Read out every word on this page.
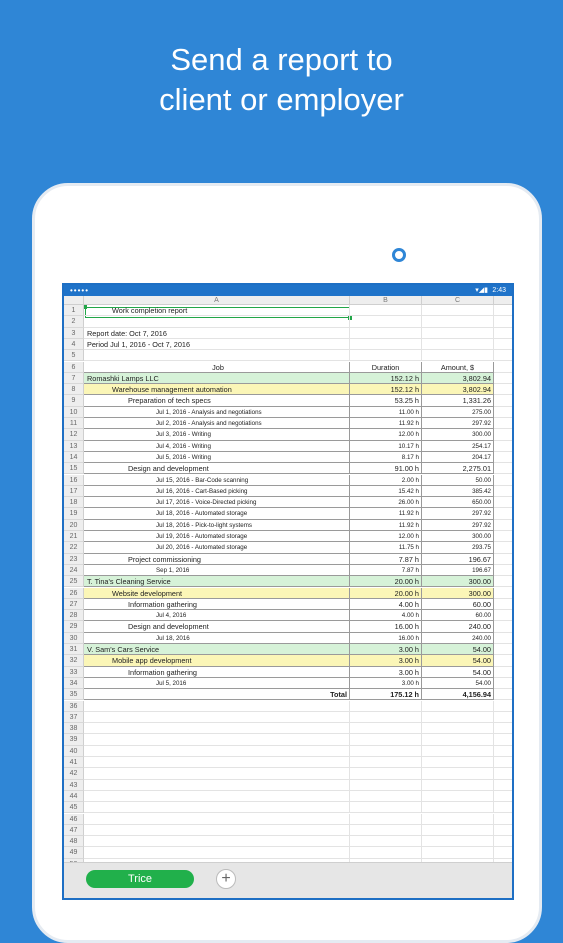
Send a report to
client or employer
•••••	▾◢▮ 2:43
A	B	C
1	Work completion report
2
3	Report date: Oct 7, 2016
4	Period Jul 1, 2016 - Oct 7, 2016
5
6	Job	Duration	Amount, $
7	Romashki Lamps LLC	152.12 h	3,802.94
8	Warehouse management automation	152.12 h	3,802.94
9	Preparation of tech specs	53.25 h	1,331.26
10	Jul 1, 2016 - Analysis and negotiations	11.00 h	275.00
11	Jul 2, 2016 - Analysis and negotiations	11.92 h	297.92
12	Jul 3, 2016 - Writing	12.00 h	300.00
13	Jul 4, 2016 - Writing	10.17 h	254.17
14	Jul 5, 2016 - Writing	8.17 h	204.17
15	Design and development	91.00 h	2,275.01
16	Jul 15, 2016 - Bar-Code scanning	2.00 h	50.00
17	Jul 16, 2016 - Cart-Based picking	15.42 h	385.42
18	Jul 17, 2016 - Voice-Directed picking	26.00 h	650.00
19	Jul 18, 2016 - Automated storage	11.92 h	297.92
20	Jul 18, 2016 - Pick-to-light systems	11.92 h	297.92
21	Jul 19, 2016 - Automated storage	12.00 h	300.00
22	Jul 20, 2016 - Automated storage	11.75 h	293.75
23	Project commissioning	7.87 h	196.67
24	Sep 1, 2016	7.87 h	196.67
25	T. Tina's Cleaning Service	20.00 h	300.00
26	Website development	20.00 h	300.00
27	Information gathering	4.00 h	60.00
28	Jul 4, 2016	4.00 h	60.00
29	Design and development	16.00 h	240.00
30	Jul 18, 2016	16.00 h	240.00
31	V. Sam's Cars Service	3.00 h	54.00
32	Mobile app development	3.00 h	54.00
33	Information gathering	3.00 h	54.00
34	Jul 5, 2016	3.00 h	54.00
35	Total	175.12 h	4,156.94
36
37
38
39
40
41
42
43
44
45
46
47
48
49
Trice	+
